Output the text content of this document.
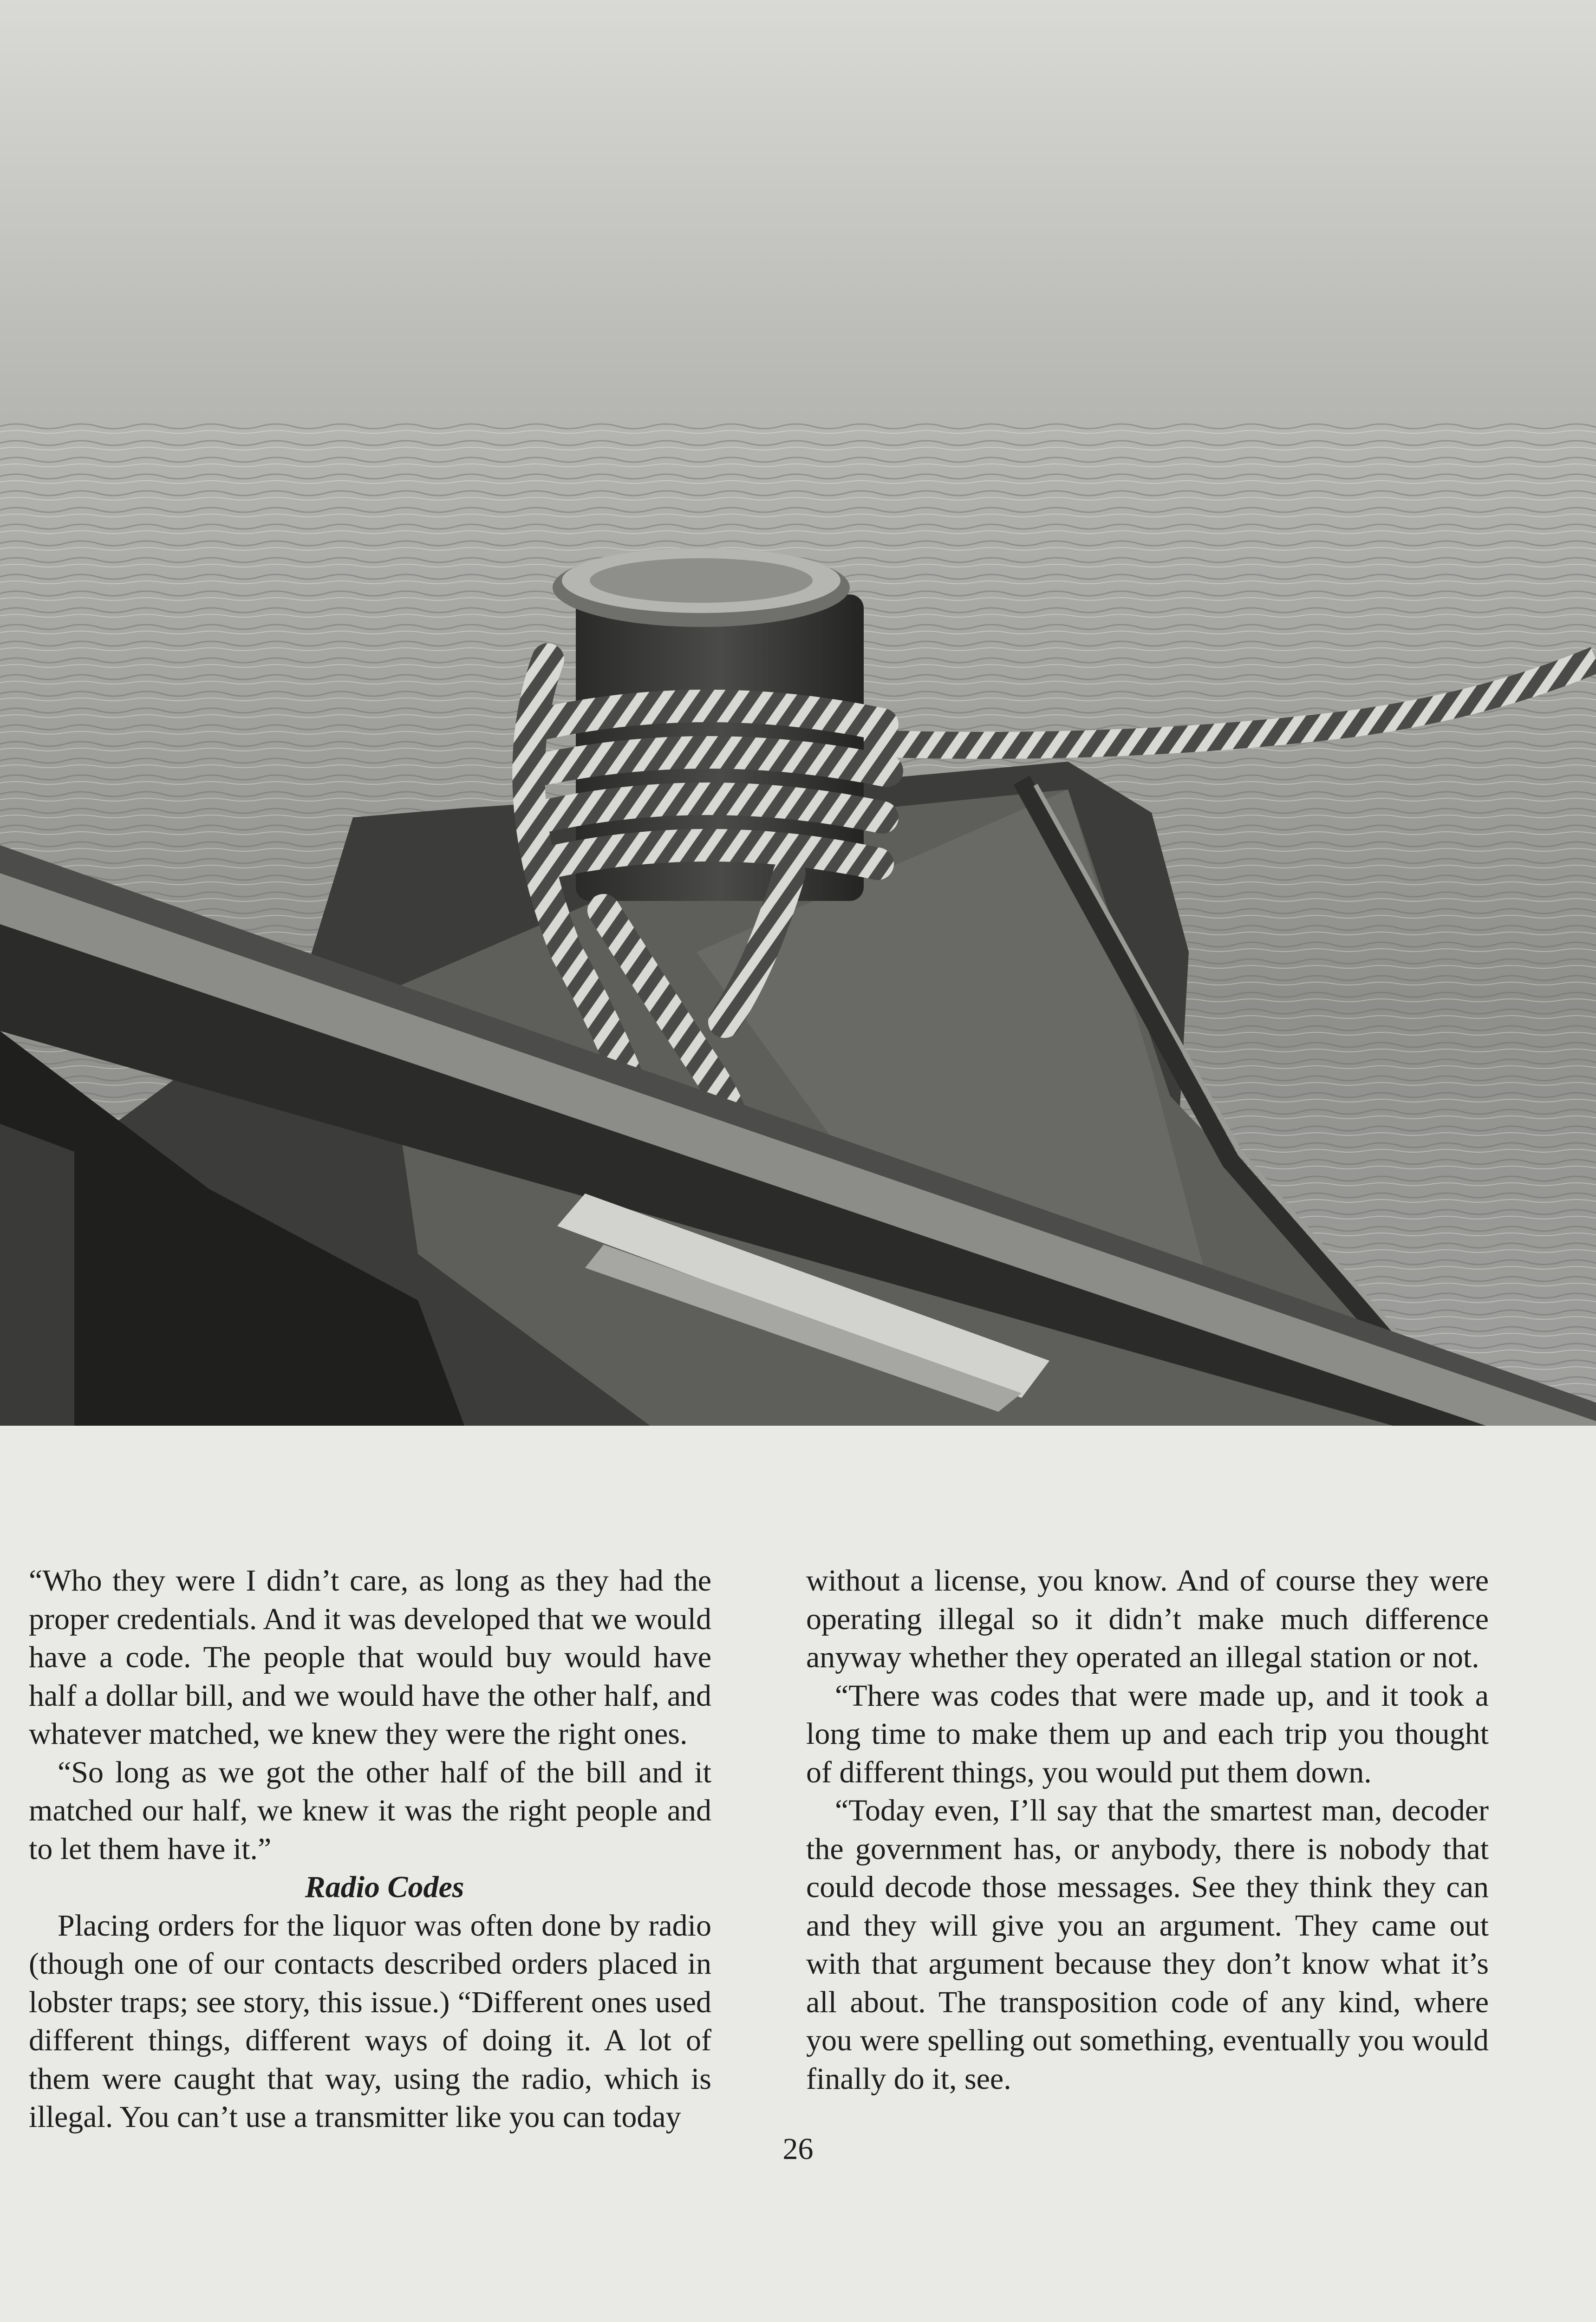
“Who they were I didn’t care, as long as they had the proper credentials. And it was developed that we would have a code. The people that would buy would have half a dollar bill, and we would have the other half, and whatever matched, we knew they were the right ones.

“So long as we got the other half of the bill and it matched our half, we knew it was the right people and to let them have it.”

Radio Codes

Placing orders for the liquor was often done by radio (though one of our contacts described orders placed in lobster traps; see story, this issue.) “Different ones used different things, different ways of doing it. A lot of them were caught that way, using the radio, which is illegal. You can’t use a transmitter like you can today

without a license, you know. And of course they were operating illegal so it didn’t make much difference anyway whether they operated an illegal station or not.

“There was codes that were made up, and it took a long time to make them up and each trip you thought of different things, you would put them down.

“Today even, I’ll say that the smartest man, decoder the government has, or anybody, there is nobody that could decode those messages. See they think they can and they will give you an argument. They came out with that argument because they don’t know what it’s all about. The transposition code of any kind, where you were spelling out something, eventually you would finally do it, see.

26
